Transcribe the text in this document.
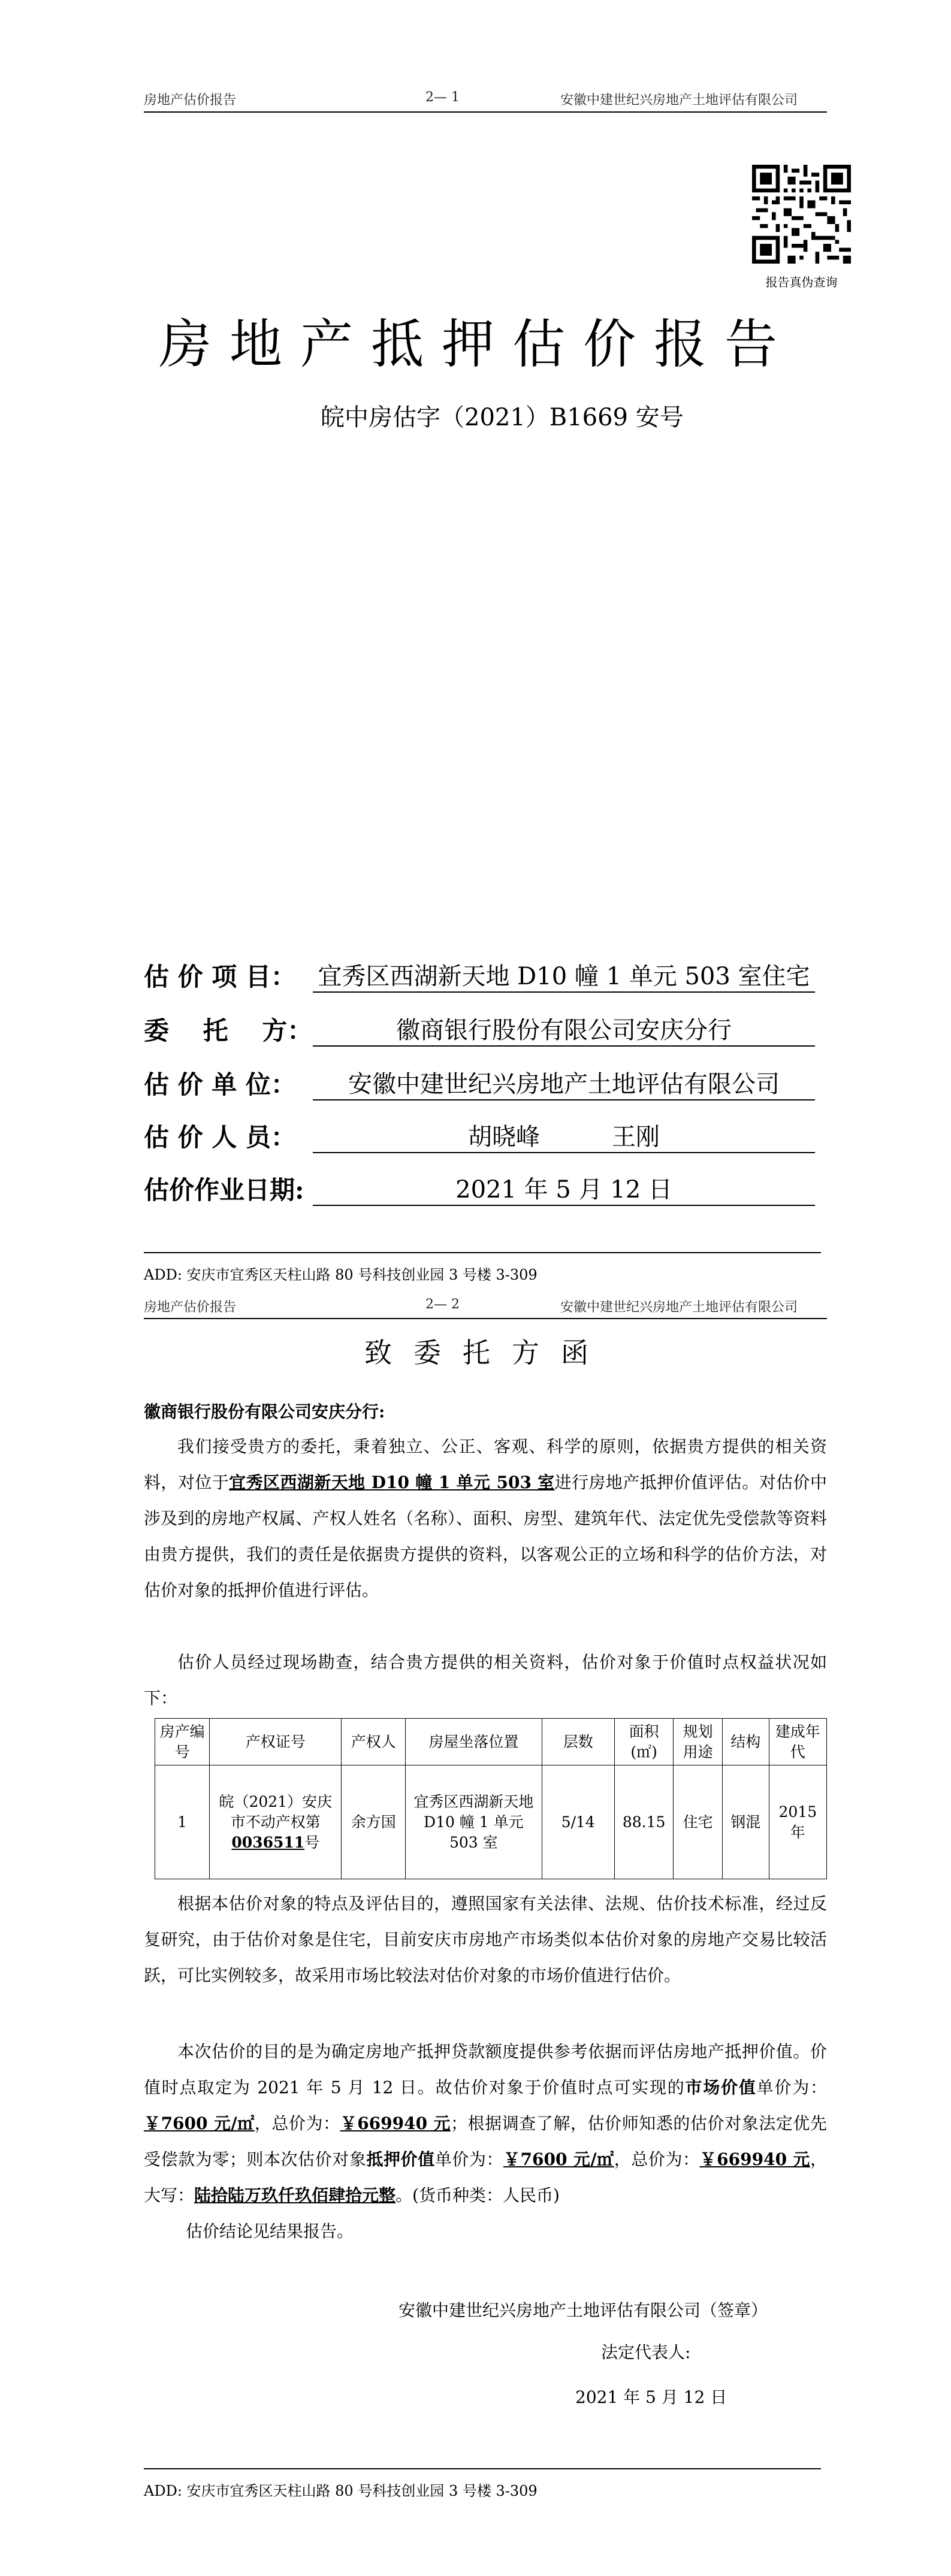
房地产估价报告	2— 1	安徽中建世纪兴房地产土地评估有限公司
报告真伪查询
房地产抵押估价报告
皖中房估字（2021）B1669 安号
估 价 项 目： 宜秀区西湖新天地 D10 幢 1 单元 503 室住宅
委　 托　 方：	徽商银行股份有限公司安庆分行
估 价 单 位：	安徽中建世纪兴房地产土地评估有限公司
估 价 人 员：	胡晓峰　　　王刚
估价作业日期:	2021 年 5 月 12 日
ADD: 安庆市宜秀区天柱山路 80 号科技创业园 3 号楼 3-309
房地产估价报告	2— 2	安徽中建世纪兴房地产土地评估有限公司
致委托方函
徽商银行股份有限公司安庆分行:
我们接受贵方的委托，秉着独立、公正、客观、科学的原则，依据贵方提供的相关资料，对位于宜秀区西湖新天地 D10 幢 1 单元 503 室进行房地产抵押价值评估。对估价中涉及到的房地产权属、产权人姓名（名称）、面积、房型、建筑年代、法定优先受偿款等资料由贵方提供，我们的责任是依据贵方提供的资料，以客观公正的立场和科学的估价方法，对估价对象的抵押价值进行评估。
估价人员经过现场勘查，结合贵方提供的相关资料，估价对象于价值时点权益状况如下：
房产编号	产权证号	产权人	房屋坐落位置	层数	面积(㎡)	规划用途	结构	建成年代
1	皖（2021）安庆市不动产权第0036511号	余方国	宜秀区西湖新天地 D10 幢 1 单元 503 室	5/14	88.15	住宅	钢混	2015 年
根据本估价对象的特点及评估目的，遵照国家有关法律、法规、估价技术标准，经过反复研究，由于估价对象是住宅，目前安庆市房地产市场类似本估价对象的房地产交易比较活跃，可比实例较多，故采用市场比较法对估价对象的市场价值进行估价。
本次估价的目的是为确定房地产抵押贷款额度提供参考依据而评估房地产抵押价值。价值时点取定为 2021 年 5 月 12 日。故估价对象于价值时点可实现的市场价值单价为：￥7600 元/㎡，总价为：￥669940 元；根据调查了解，估价师知悉的估价对象法定优先受偿款为零；则本次估价对象抵押价值单价为：￥7600 元/㎡，总价为：￥669940 元，大写：陆拾陆万玖仟玖佰肆拾元整。(货币种类：人民币)
估价结论见结果报告。
安徽中建世纪兴房地产土地评估有限公司（签章）
法定代表人:
2021 年 5 月 12 日
ADD: 安庆市宜秀区天柱山路 80 号科技创业园 3 号楼 3-309
